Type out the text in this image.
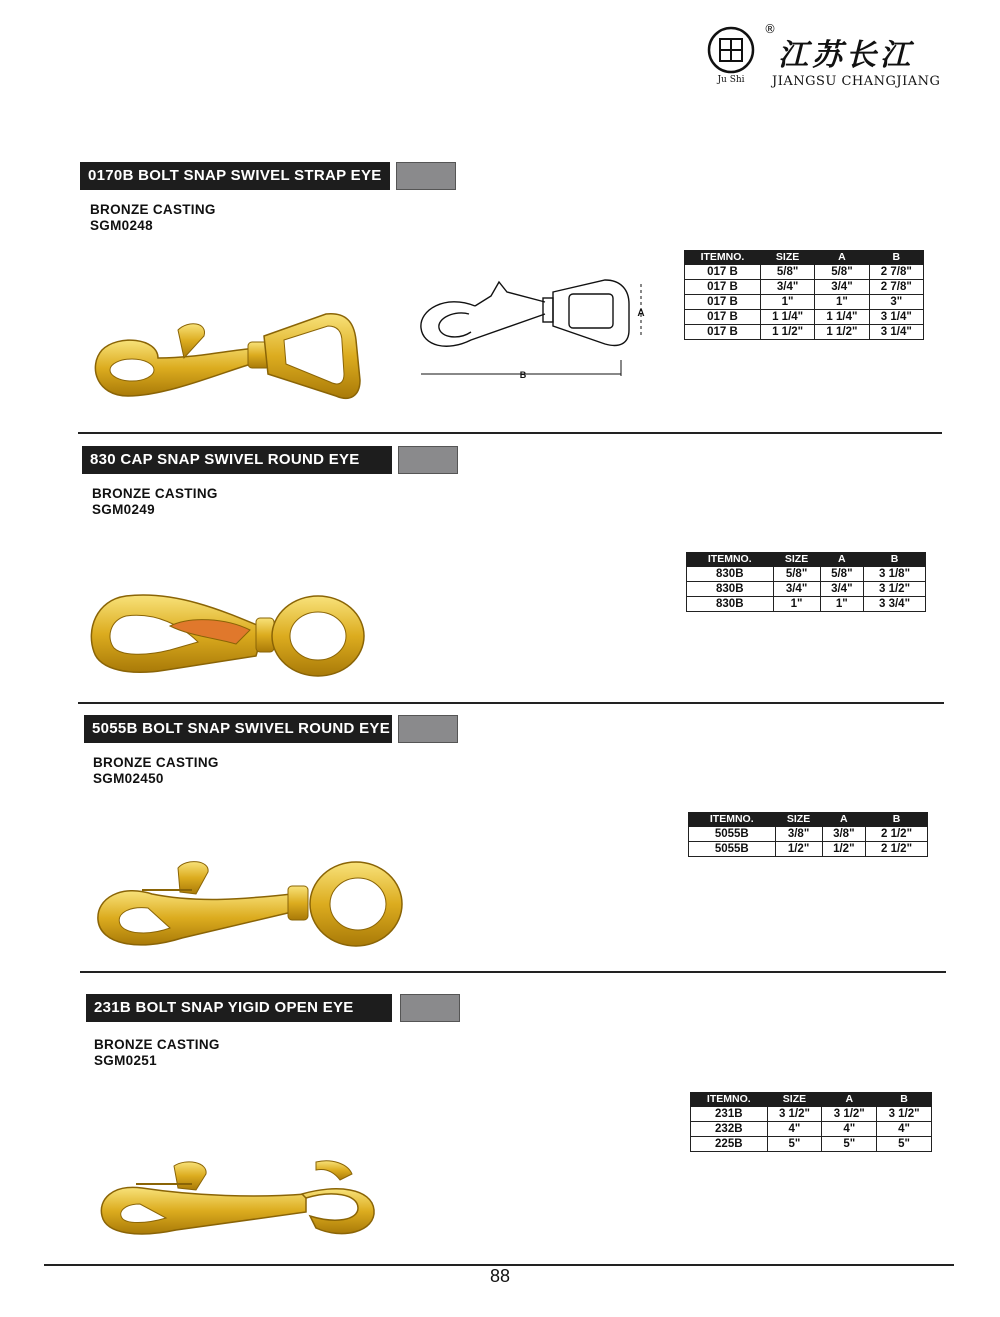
Ju Shi
®
江苏长江
JIANGSU CHANGJIANG
0170B BOLT SNAP SWIVEL STRAP EYE
BRONZE CASTING
SGM0248
A
B
ITEMNO.	SIZE	A	B
017 B	5/8"	5/8"	2 7/8"
017 B	3/4"	3/4"	2 7/8"
017 B	1"	1"	3"
017 B	1 1/4"	1 1/4"	3 1/4"
017 B	1 1/2"	1 1/2"	3 1/4"
830 CAP SNAP SWIVEL ROUND EYE
BRONZE CASTING
SGM0249
ITEMNO.	SIZE	A	B
830B	5/8"	5/8"	3 1/8"
830B	3/4"	3/4"	3 1/2"
830B	1"	1"	3 3/4"
5055B BOLT SNAP SWIVEL ROUND EYE
BRONZE CASTING
SGM02450
ITEMNO.	SIZE	A	B
5055B	3/8"	3/8"	2 1/2"
5055B	1/2"	1/2"	2 1/2"
231B BOLT SNAP YIGID OPEN EYE
BRONZE CASTING
SGM0251
ITEMNO.	SIZE	A	B
231B	3 1/2"	3 1/2"	3 1/2"
232B	4"	4"	4"
225B	5"	5"	5"
88
